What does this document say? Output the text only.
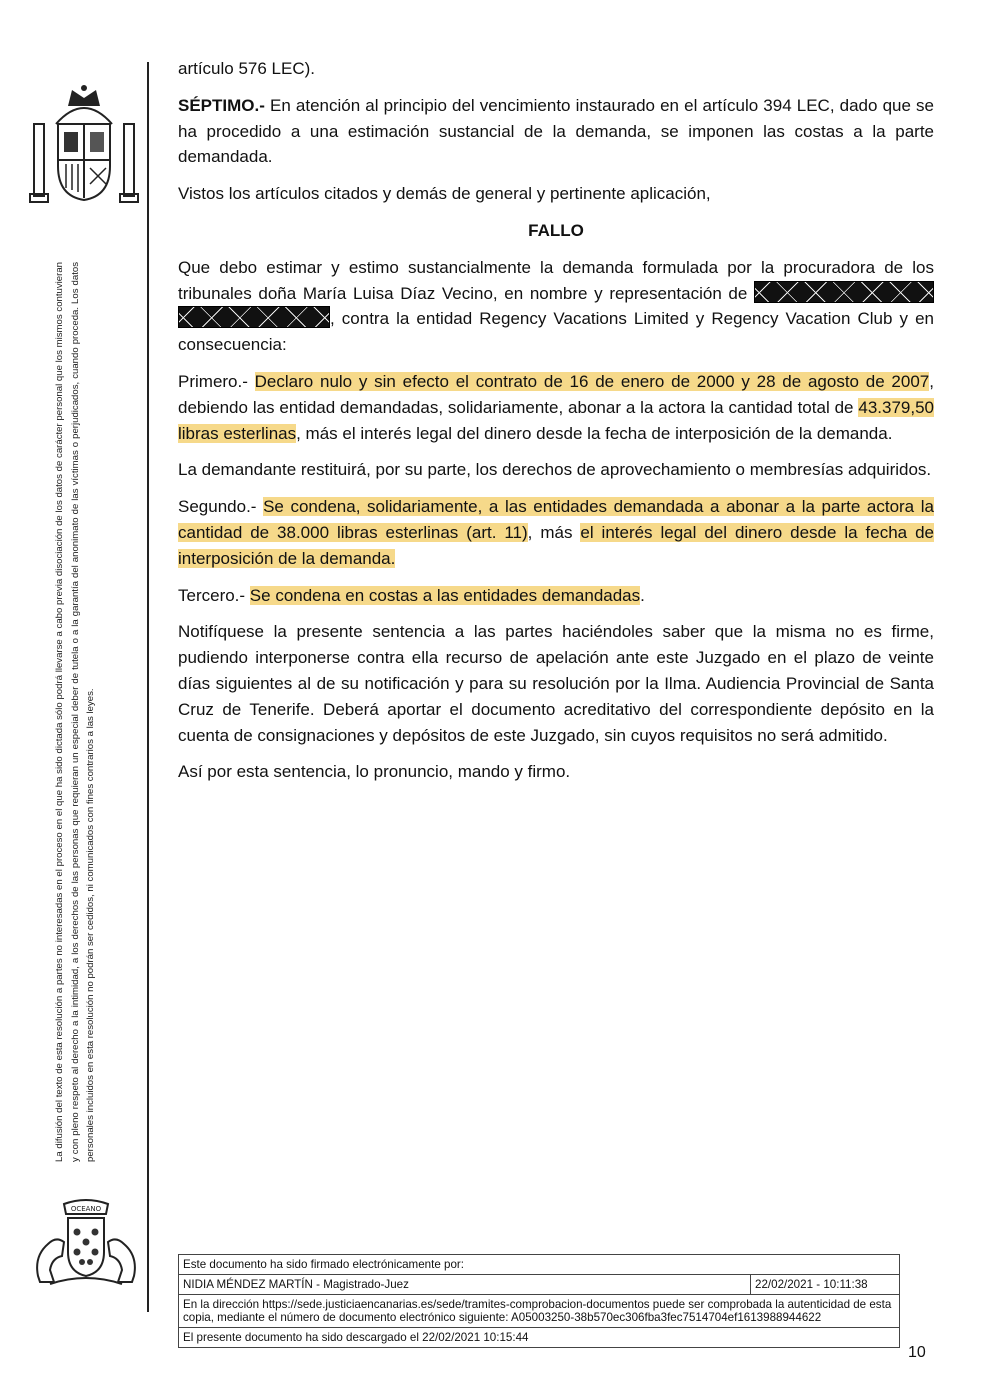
La difusión del texto de esta resolución a partes no interesadas en el proceso en el que ha sido dictada sólo podrá llevarse a cabo previa disociación de los datos de carácter personal que los mismos contuvieran y con pleno respeto al derecho a la intimidad, a los derechos de las personas que requieran un especial deber de tutela o a la garantía del anonimato de las víctimas o perjudicados, cuando proceda. Los datos personales incluidos en esta resolución no podrán ser cedidos, ni comunicados con fines contrarios a las leyes.
OCEANO

artículo 576 LEC).

SÉPTIMO.- En atención al principio del vencimiento instaurado en el artículo 394 LEC, dado que se ha procedido a una estimación sustancial de la demanda, se imponen las costas a la parte demandada.

Vistos los artículos citados y demás de general y pertinente aplicación,

FALLO

Que debo estimar y estimo sustancialmente la demanda formulada por la procuradora de los tribunales doña María Luisa Díaz Vecino, en nombre y representación de  , contra la entidad Regency Vacations Limited y Regency Vacation Club y en consecuencia:

Primero.- Declaro nulo y sin efecto el contrato de 16 de enero de 2000 y 28 de agosto de 2007, debiendo las entidad demandadas, solidariamente, abonar a la actora la cantidad total de 43.379,50 libras esterlinas, más el interés legal del dinero desde la fecha de interposición de la demanda.

La demandante restituirá, por su parte, los derechos de aprovechamiento o membresías adquiridos.

Segundo.- Se condena, solidariamente, a las entidades demandada a abonar a la parte actora la cantidad de 38.000 libras esterlinas (art. 11), más el interés legal del dinero desde la fecha de interposición de la demanda.

Tercero.- Se condena en costas a las entidades demandadas.

Notifíquese la presente sentencia a las partes haciéndoles saber que la misma no es firme, pudiendo interponerse contra ella recurso de apelación ante este Juzgado en el plazo de veinte días siguientes al de su notificación y para su resolución por la Ilma. Audiencia Provincial de Santa Cruz de Tenerife. Deberá aportar el documento acreditativo del correspondiente depósito en la cuenta de consignaciones y depósitos de este Juzgado, sin cuyos requisitos no será admitido.

Así por esta sentencia, lo pronuncio, mando y firmo.

Este documento ha sido firmado electrónicamente por:
NIDIA MÉNDEZ MARTÍN - Magistrado-Juez	22/02/2021 - 10:11:38
En la dirección https://sede.justiciaencanarias.es/sede/tramites-comprobacion-documentos puede ser comprobada la autenticidad de esta copia, mediante el número de documento electrónico siguiente: A05003250-38b570ec306fba3fec7514704ef1613988944622
El presente documento ha sido descargado el 22/02/2021 10:15:44
10
